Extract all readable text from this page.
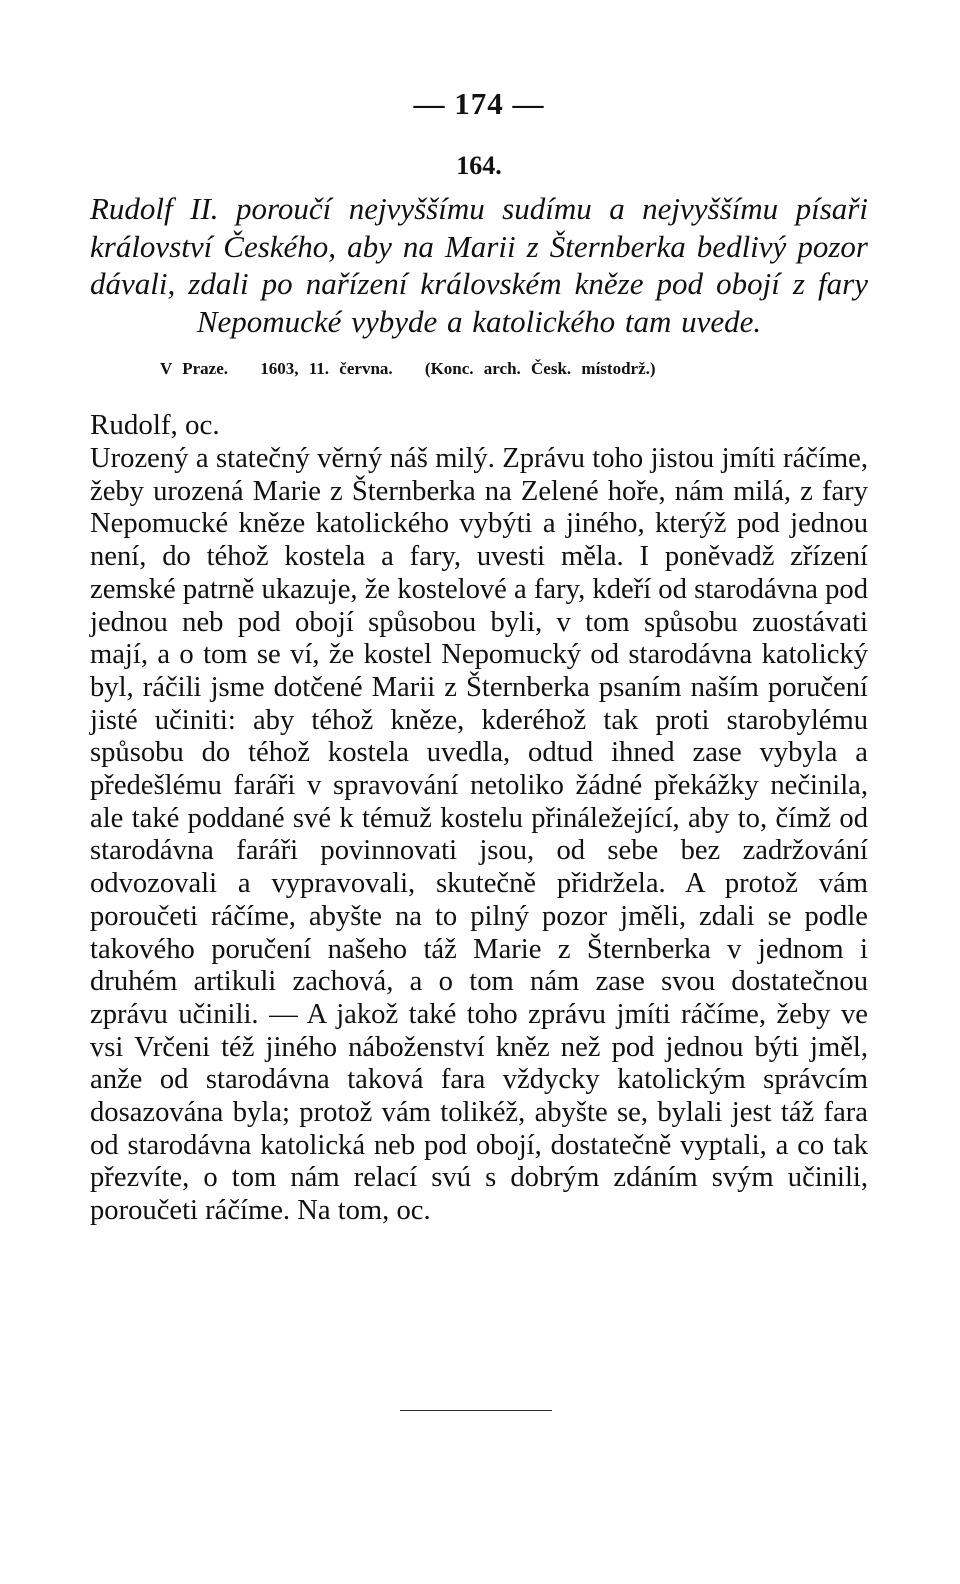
— 174 —
164.

Rudolf II. poroučí nejvyššímu sudímu a nejvyššímu písaři království Českého, aby na Marii z Šternberka bedlivý pozor dávali, zdali po nařízení královském kněze pod obojí z fary Nepomucké vybyde a katolického tam uvede.

V Praze. 1603, 11. června. (Konc. arch. Česk. místodrž.)
Rudolf, oc.

Urozený a statečný věrný náš milý. Zprávu toho jistou jmíti ráčíme, žeby urozená Marie z Šternberka na Zelené hoře, nám milá, z fary Nepomucké kněze katolického vybýti a jiného, kterýž pod jednou není, do téhož kostela a fary, uvesti měla. I poněvadž zřízení zemské patrně ukazuje, že kostelové a fary, kdeří od starodávna pod jednou neb pod obojí spůsobou byli, v tom spůsobu zuostávati mají, a o tom se ví, že kostel Nepomucký od starodávna katolický byl, ráčili jsme dotčené Marii z Šternberka psaním naším poručení jisté učiniti: aby téhož kněze, kderéhož tak proti starobylému spůsobu do téhož kostela uvedla, odtud ihned zase vybyla a předešlému faráři v spravování netoliko žádné překážky nečinila, ale také poddané své k témuž kostelu přináležející, aby to, čímž od starodávna faráři povinnovati jsou, od sebe bez zadržování odvozovali a vypravovali, skutečně přidržela. A protož vám poroučeti ráčíme, abyšte na to pilný pozor jměli, zdali se podle takového poručení našeho táž Marie z Šternberka v jednom i druhém artikuli zachová, a o tom nám zase svou dostatečnou zprávu učinili. — A jakož také toho zprávu jmíti ráčíme, žeby ve vsi Vrčeni též jiného náboženství kněz než pod jednou býti jměl, anže od starodávna taková fara vždycky katolickým správcím dosazována byla; protož vám tolikéž, abyšte se, bylali jest táž fara od starodávna katolická neb pod obojí, dostatečně vyptali, a co tak přezvíte, o tom nám relací svú s dobrým zdáním svým učinili, poroučeti ráčíme. Na tom, oc.
